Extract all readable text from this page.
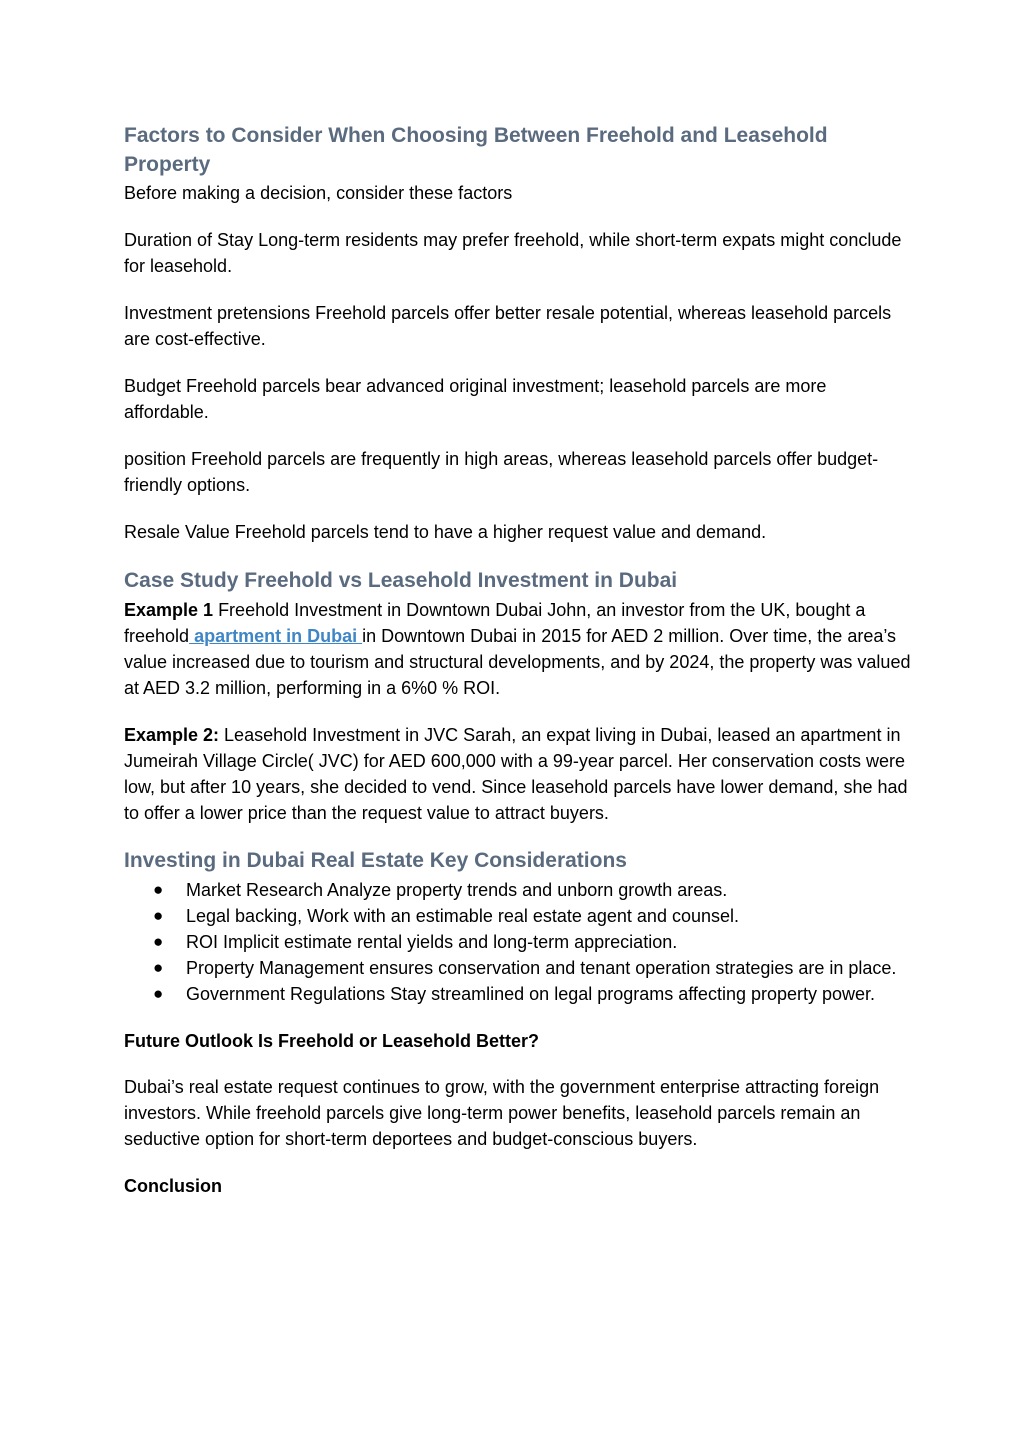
Factors to Consider When Choosing Between Freehold and Leasehold Property

Before making a decision, consider these factors

Duration of Stay Long-term residents may prefer freehold, while short-term expats might conclude for leasehold.

Investment pretensions Freehold parcels offer better resale potential, whereas leasehold parcels are cost-effective.

Budget Freehold parcels bear advanced original investment; leasehold parcels are more affordable.

position Freehold parcels are frequently in high areas, whereas leasehold parcels offer budget-friendly options.

Resale Value Freehold parcels tend to have a higher request value and demand.

Case Study Freehold vs Leasehold Investment in Dubai

Example 1 Freehold Investment in Downtown Dubai John, an investor from the UK, bought a freehold apartment in Dubai in Downtown Dubai in 2015 for AED 2 million. Over time, the area’s value increased due to tourism and structural developments, and by 2024, the property was valued at AED 3.2 million, performing in a 6%0 % ROI.

Example 2: Leasehold Investment in JVC Sarah, an expat living in Dubai, leased an apartment in Jumeirah Village Circle( JVC) for AED 600,000 with a 99-year parcel. Her conservation costs were low, but after 10 years, she decided to vend. Since leasehold parcels have lower demand, she had to offer a lower price than the request value to attract buyers.

Investing in Dubai Real Estate Key Considerations
● Market Research Analyze property trends and unborn growth areas.
● Legal backing, Work with an estimable real estate agent and counsel.
● ROI Implicit estimate rental yields and long-term appreciation.
● Property Management ensures conservation and tenant operation strategies are in place.
● Government Regulations Stay streamlined on legal programs affecting property power.

Future Outlook Is Freehold or Leasehold Better?

Dubai’s real estate request continues to grow, with the government enterprise attracting foreign investors. While freehold parcels give long-term power benefits, leasehold parcels remain an seductive option for short-term deportees and budget-conscious buyers.

Conclusion
